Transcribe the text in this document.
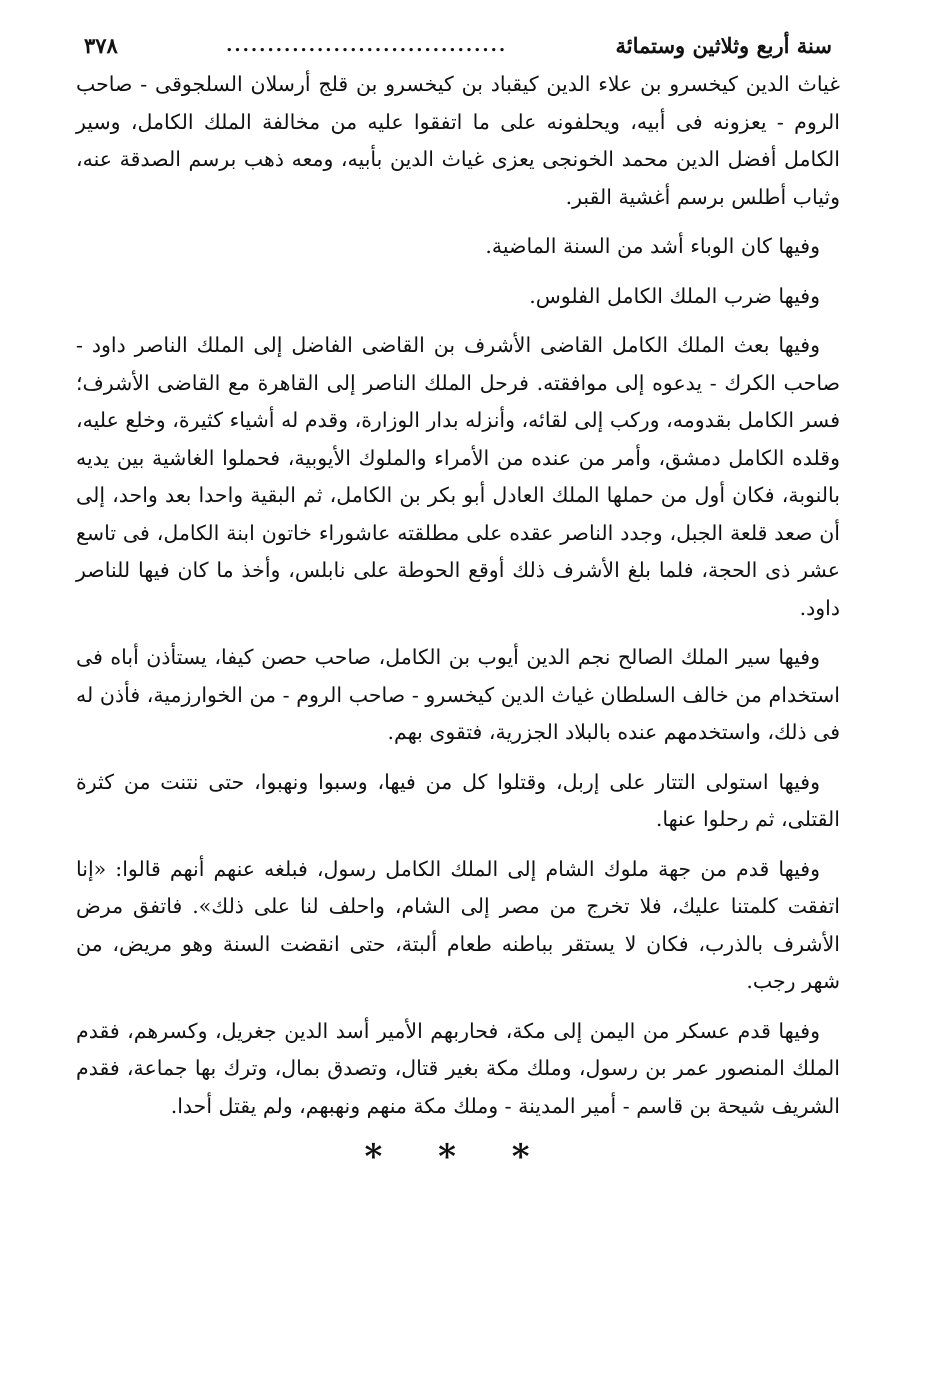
سنة أربع وثلاثين وستمائة
..................................
٣٧٨

غياث الدين كيخسرو بن علاء الدين كيقباد بن كيخسرو بن قلج أرسلان السلجوقى - صاحب الروم - يعزونه فى أبيه، ويحلفونه على ما اتفقوا عليه من مخالفة الملك الكامل، وسير الكامل أفضل الدين محمد الخونجى يعزى غياث الدين بأبيه، ومعه ذهب برسم الصدقة عنه، وثياب أطلس برسم أغشية القبر.

وفيها كان الوباء أشد من السنة الماضية.

وفيها ضرب الملك الكامل الفلوس.

وفيها بعث الملك الكامل القاضى الأشرف بن القاضى الفاضل إلى الملك الناصر داود - صاحب الكرك - يدعوه إلى موافقته. فرحل الملك الناصر إلى القاهرة مع القاضى الأشرف؛ فسر الكامل بقدومه، وركب إلى لقائه، وأنزله بدار الوزارة، وقدم له أشياء كثيرة، وخلع عليه، وقلده الكامل دمشق، وأمر من عنده من الأمراء والملوك الأيوبية، فحملوا الغاشية بين يديه بالنوبة، فكان أول من حملها الملك العادل أبو بكر بن الكامل، ثم البقية واحدا بعد واحد، إلى أن صعد قلعة الجبل، وجدد الناصر عقده على مطلقته عاشوراء خاتون ابنة الكامل، فى تاسع عشر ذى الحجة، فلما بلغ الأشرف ذلك أوقع الحوطة على نابلس، وأخذ ما كان فيها للناصر داود.

وفيها سير الملك الصالح نجم الدين أيوب بن الكامل، صاحب حصن كيفا، يستأذن أباه فى استخدام من خالف السلطان غياث الدين كيخسرو - صاحب الروم - من الخوارزمية، فأذن له فى ذلك، واستخدمهم عنده بالبلاد الجزرية، فتقوى بهم.

وفيها استولى التتار على إربل، وقتلوا كل من فيها، وسبوا ونهبوا، حتى نتنت من كثرة القتلى، ثم رحلوا عنها.

وفيها قدم من جهة ملوك الشام إلى الملك الكامل رسول، فبلغه عنهم أنهم قالوا: «إنا اتفقت كلمتنا عليك، فلا تخرج من مصر إلى الشام، واحلف لنا على ذلك». فاتفق مرض الأشرف بالذرب، فكان لا يستقر بباطنه طعام ألبتة، حتى انقضت السنة وهو مريض، من شهر رجب.

وفيها قدم عسكر من اليمن إلى مكة، فحاربهم الأمير أسد الدين جغريل، وكسرهم، فقدم الملك المنصور عمر بن رسول، وملك مكة بغير قتال، وتصدق بمال، وترك بها جماعة، فقدم الشريف شيحة بن قاسم - أمير المدينة - وملك مكة منهم ونهبهم، ولم يقتل أحدا.

* * *
